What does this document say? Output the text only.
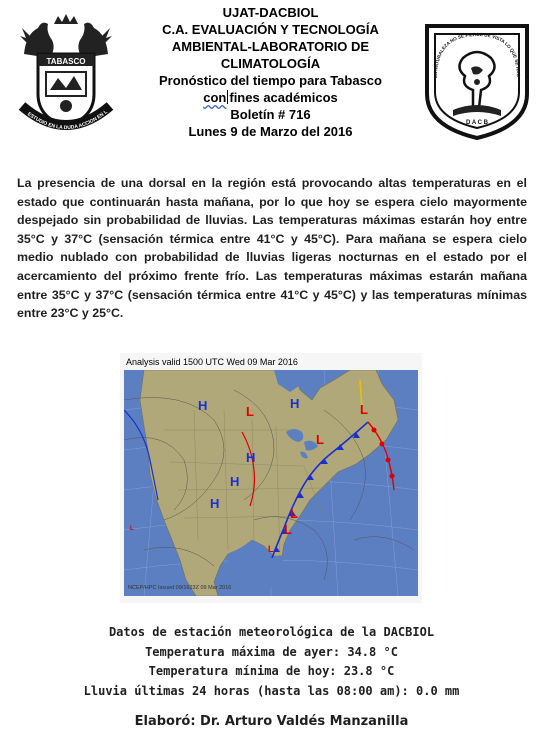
TABASCO
ESTUDIO EN LA DUDA ACCION EN L
UJAT-DACBIOL
C.A. EVALUACIÓN Y TECNOLOGÍA
AMBIENTAL-LABORATORIO DE
CLIMATOLOGÍA
Pronóstico del tiempo para Tabasco
con fines académicos
Boletín # 716
Lunes 9 de Marzo del 2016
LA NATURALEZA NO SE PIERDE DE VISTA LO QUE SE HAC
D A C B
La presencia de una dorsal en la región está provocando altas temperaturas en el estado que continuarán hasta mañana, por lo que hoy se espera cielo mayormente despejado sin probabilidad de lluvias. Las temperaturas máximas estarán hoy entre 35°C y 37°C (sensación térmica entre 41°C y 45°C). Para mañana se espera cielo medio nublado con probabilidad de lluvias ligeras nocturnas en el estado por el acercamiento del próximo frente frío. Las temperaturas máximas estarán mañana entre 35°C y 37°C (sensación térmica entre 41°C y 45°C) y las temperaturas mínimas entre 23°C y 25°C.
Analysis valid 1500 UTC Wed 09 Mar 2016
H	H
H
H
H
L	L
L
L
L
L
L
NCEP/HPC Issued 09/1623Z 09 Mar 2016
Datos de estación meteorológica de la DACBIOL
Temperatura máxima de ayer: 34.8 °C
Temperatura mínima de hoy: 23.8 °C
Lluvia últimas 24 horas (hasta las 08:00 am): 0.0 mm
Elaboró: Dr. Arturo Valdés Manzanilla
